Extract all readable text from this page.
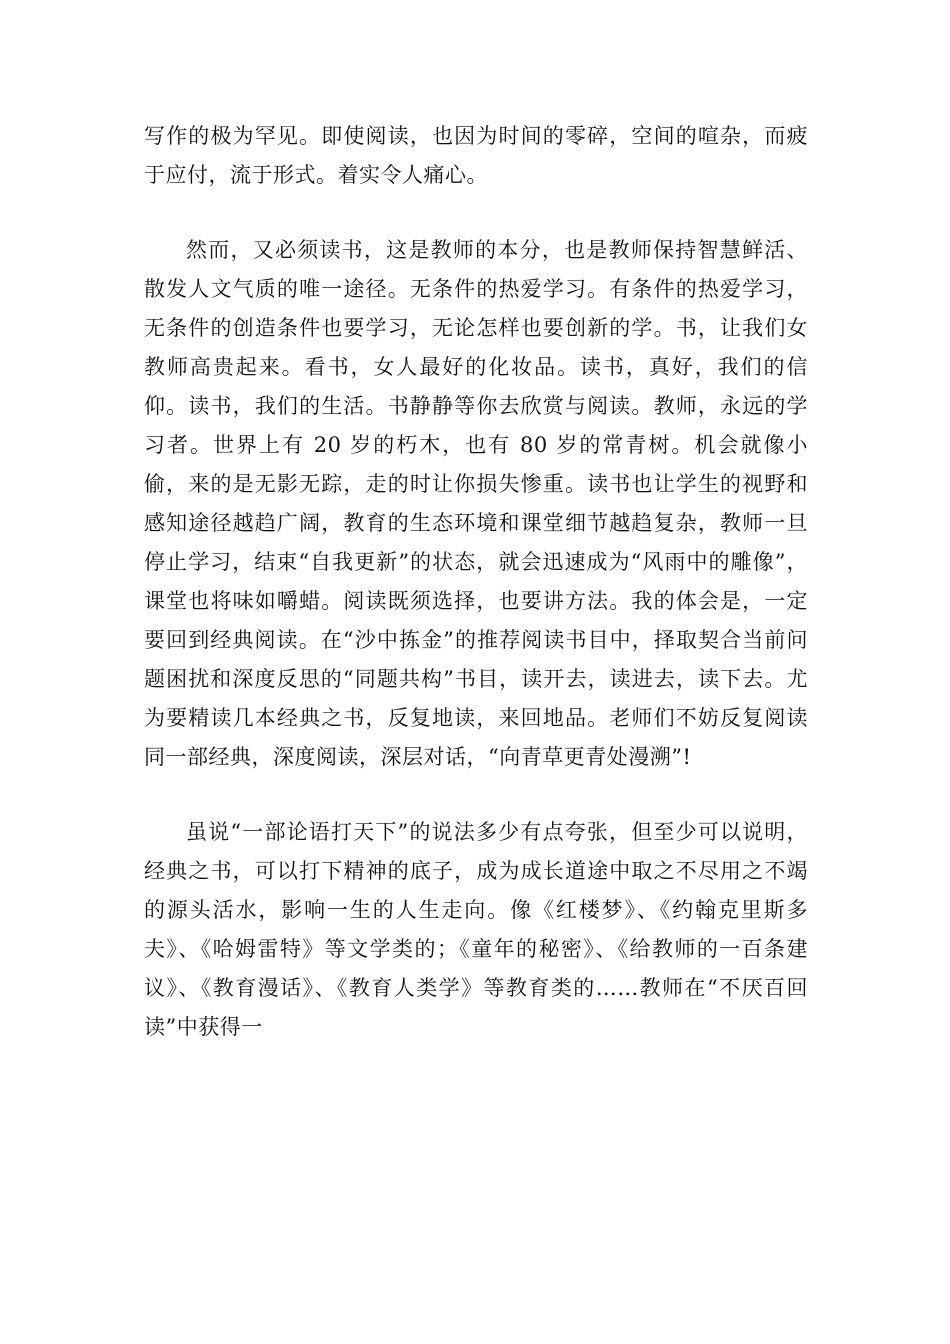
写作的极为罕见。即使阅读，也因为时间的零碎，空间的喧杂，而疲于应付，流于形式。着实令人痛心。

然而，又必须读书，这是教师的本分，也是教师保持智慧鲜活、散发人文气质的唯一途径。无条件的热爱学习。有条件的热爱学习，无条件的创造条件也要学习，无论怎样也要创新的学。书，让我们女教师高贵起来。看书，女人最好的化妆品。读书，真好，我们的信仰。读书，我们的生活。书静静等你去欣赏与阅读。教师，永远的学习者。世界上有 20 岁的朽木，也有 80 岁的常青树。机会就像小偷，来的是无影无踪，走的时让你损失惨重。读书也让学生的视野和感知途径越趋广阔，教育的生态环境和课堂细节越趋复杂，教师一旦停止学习，结束“自我更新”的状态，就会迅速成为“风雨中的雕像”，课堂也将味如嚼蜡。阅读既须选择，也要讲方法。我的体会是，一定要回到经典阅读。在“沙中拣金”的推荐阅读书目中，择取契合当前问题困扰和深度反思的“同题共构”书目，读开去，读进去，读下去。尤为要精读几本经典之书，反复地读，来回地品。老师们不妨反复阅读同一部经典，深度阅读，深层对话，“向青草更青处漫溯”!

虽说“一部论语打天下”的说法多少有点夸张，但至少可以说明，经典之书，可以打下精神的底子，成为成长道途中取之不尽用之不竭的源头活水，影响一生的人生走向。像《红楼梦》、《约翰克里斯多夫》、《哈姆雷特》等文学类的；《童年的秘密》、《给教师的一百条建议》、《教育漫话》、《教育人类学》等教育类的……教师在“不厌百回读”中获得一
